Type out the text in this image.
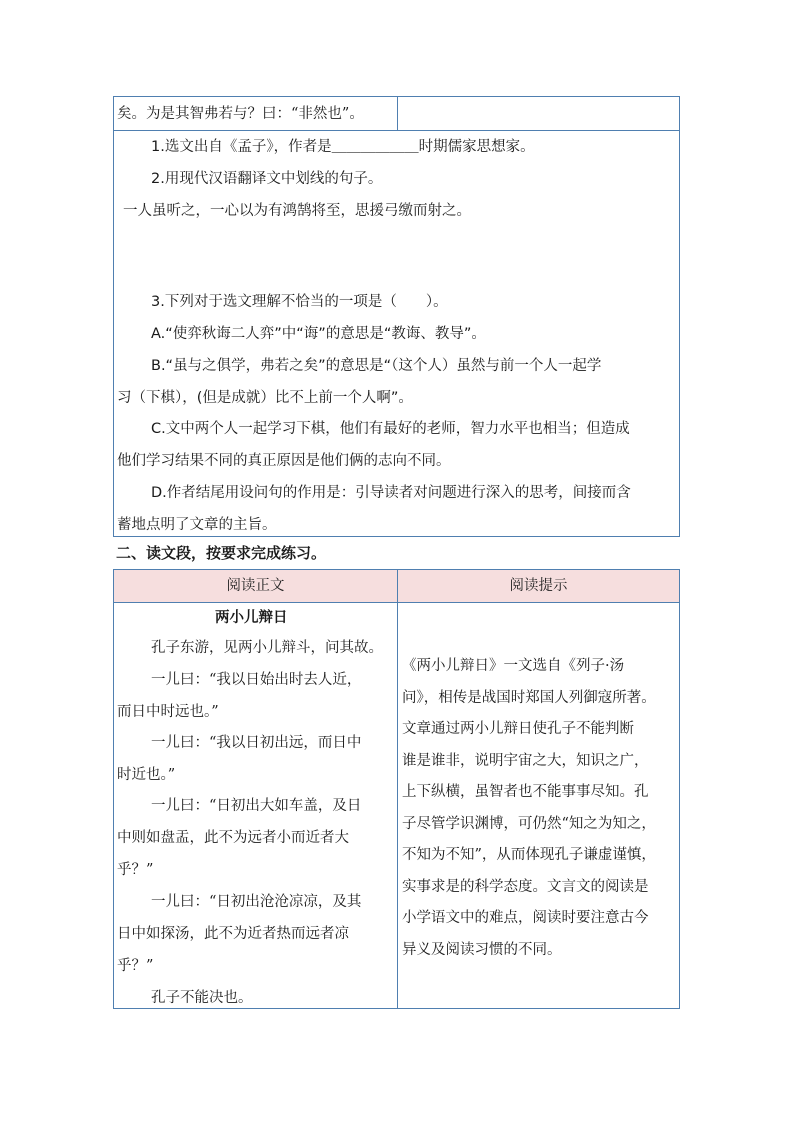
矣。为是其智弗若与？曰：“非然也”。
1.选文出自《孟子》，作者是＿＿＿＿＿＿时期儒家思想家。
2.用现代汉语翻译文中划线的句子。
一人虽听之，一心以为有鸿鹄将至，思援弓缴而射之。
3.下列对于选文理解不恰当的一项是（　　）。
A.“使弈秋诲二人弈”中“诲”的意思是“教诲、教导”。
B.“虽与之俱学，弗若之矣”的意思是“（这个人）虽然与前一个人一起学
习（下棋），(但是成就）比不上前一个人啊”。
C.文中两个人一起学习下棋，他们有最好的老师，智力水平也相当；但造成
他们学习结果不同的真正原因是他们俩的志向不同。
D.作者结尾用设问句的作用是：引导读者对问题进行深入的思考，间接而含
蓄地点明了文章的主旨。
二、读文段，按要求完成练习。
阅读正文	阅读提示
两小儿辩日
孔子东游，见两小儿辩斗，问其故。
一儿曰：“我以日始出时去人近，
而日中时远也。”
一儿曰：“我以日初出远，而日中
时近也。”
一儿曰：“日初出大如车盖，及日
中则如盘盂，此不为远者小而近者大
乎？”
一儿曰：“日初出沧沧凉凉，及其
日中如探汤，此不为近者热而远者凉
乎？”
孔子不能决也。
《两小儿辩日》一文选自《列子·汤
问》，相传是战国时郑国人列御寇所著。
文章通过两小儿辩日使孔子不能判断
谁是谁非，说明宇宙之大，知识之广，
上下纵横，虽智者也不能事事尽知。孔
子尽管学识渊博，可仍然“知之为知之，
不知为不知”，从而体现孔子谦虚谨慎，
实事求是的科学态度。文言文的阅读是
小学语文中的难点，阅读时要注意古今
异义及阅读习惯的不同。
